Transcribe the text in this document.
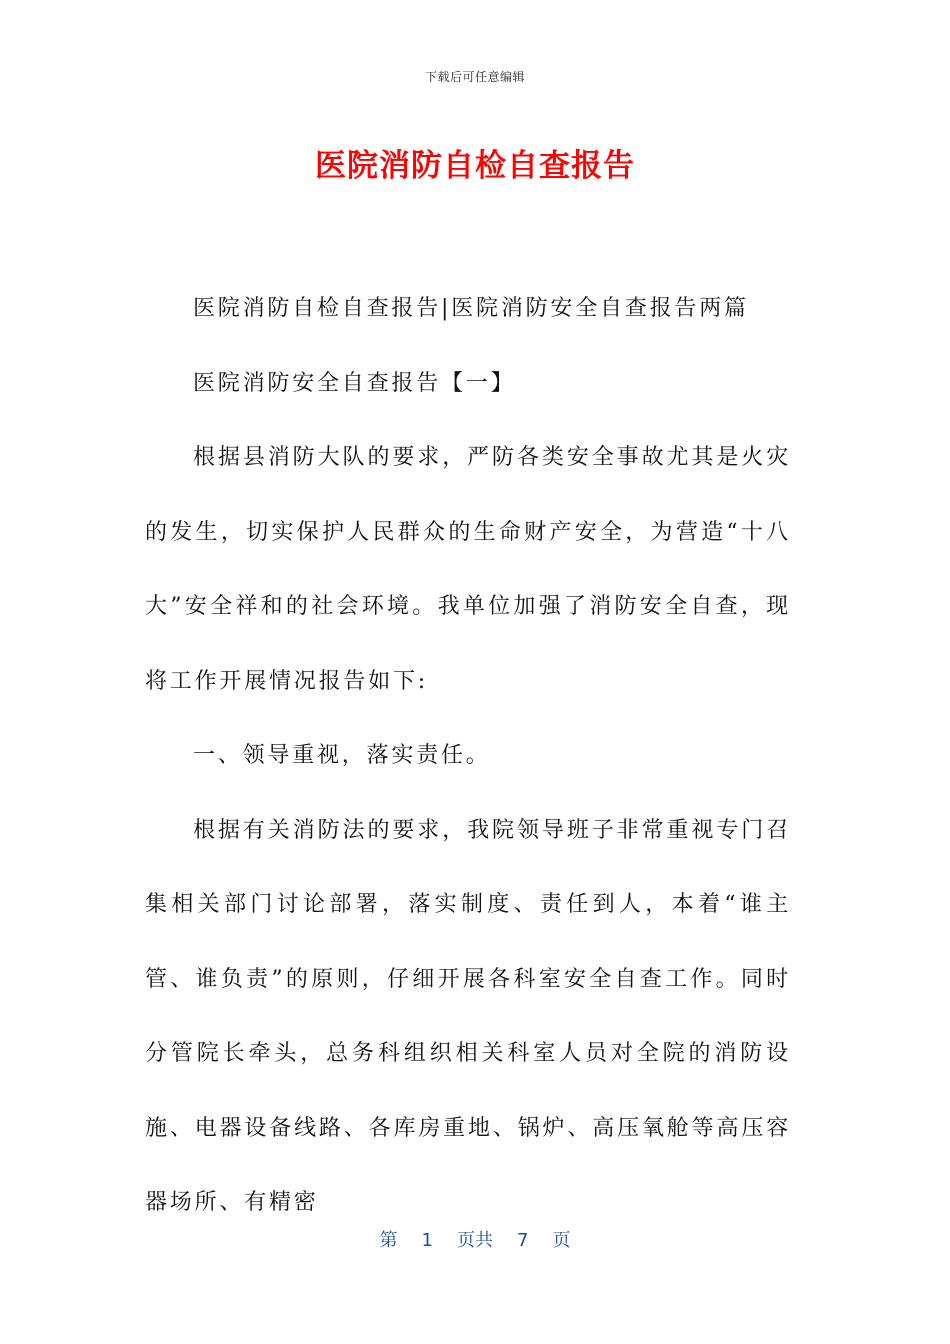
下载后可任意编辑
医院消防自检自查报告

医院消防自检自查报告|医院消防安全自查报告两篇

医院消防安全自查报告【一】

根据县消防大队的要求，严防各类安全事故尤其是火灾的发生，切实保护人民群众的生命财产安全，为营造“十八大”安全祥和的社会环境。我单位加强了消防安全自查，现将工作开展情况报告如下:

一、领导重视，落实责任。

根据有关消防法的要求，我院领导班子非常重视专门召集相关部门讨论部署，落实制度、责任到人，本着“谁主管、谁负责”的原则，仔细开展各科室安全自查工作。同时分管院长牵头，总务科组织相关科室人员对全院的消防设施、电器设备线路、各库房重地、锅炉、高压氧舱等高压容器场所、有精密

第 1 页共 7 页
